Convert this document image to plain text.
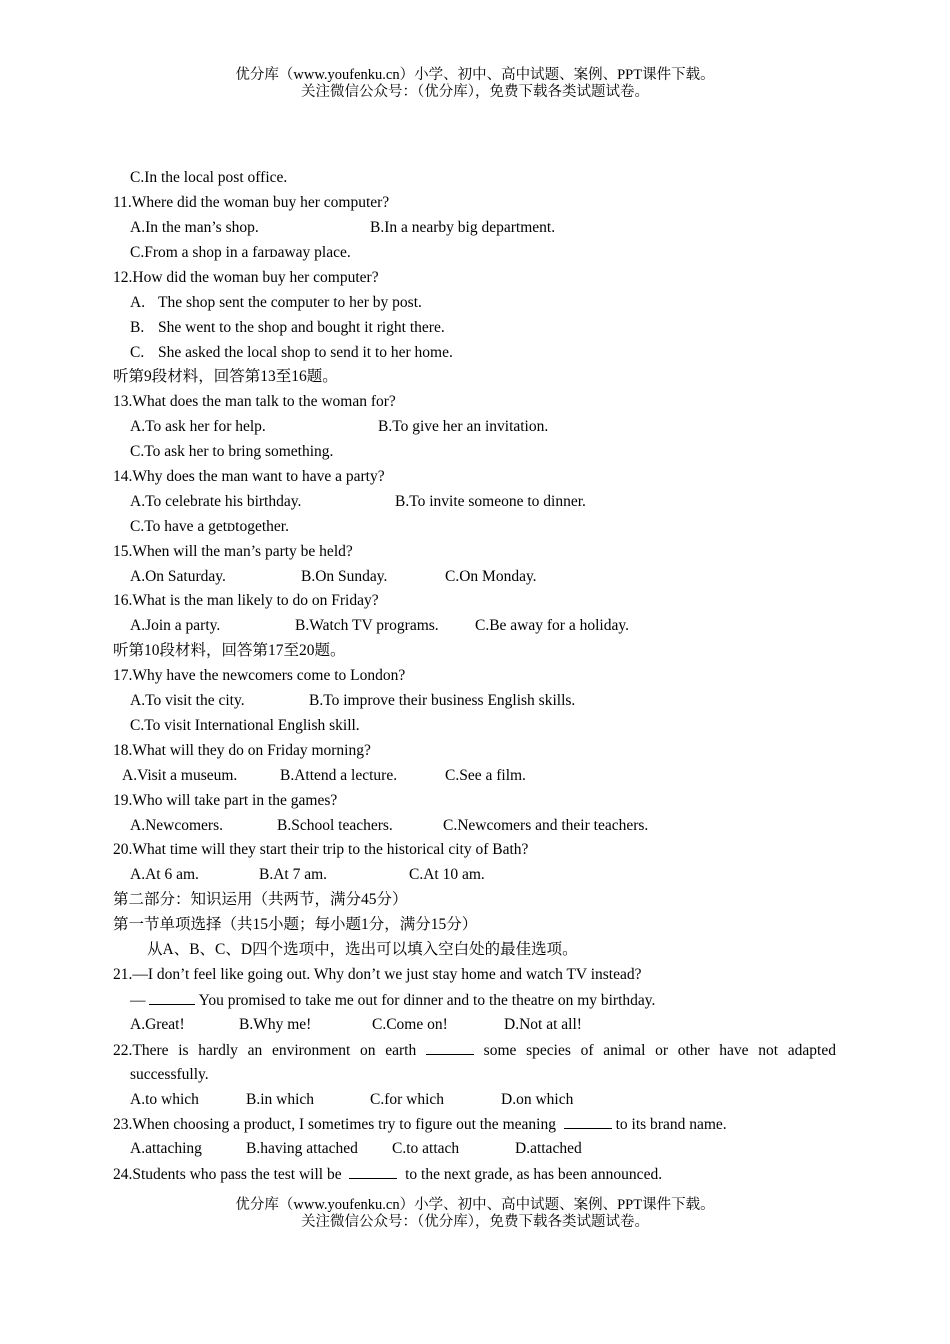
优分库（www.youfenku.cn）小学、初中、高中试题、案例、PPT课件下载。
关注微信公众号：（优分库），免费下载各类试题试卷。
C.In the local post office.
11.Where did the woman buy her computer?
A.In the man’s shop.	B.In a nearby big department.
C.From a shop in a farᴅaway place.
12.How did the woman buy her computer?
A. The shop sent the computer to her by post.
B. She went to the shop and bought it right there.
C. She asked the local shop to send it to her home.
听第9段材料，回答第13至16题。
13.What does the man talk to the woman for?
A.To ask her for help.	B.To give her an invitation.
C.To ask her to bring something.
14.Why does the man want to have a party?
A.To celebrate his birthday.	B.To invite someone to dinner.
C.To have a getᴅtogether.
15.When will the man’s party be held?
A.On Saturday.	B.On Sunday.	C.On Monday.
16.What is the man likely to do on Friday?
A.Join a party.	B.Watch TV programs. C.Be away for a holiday.
听第10段材料，回答第17至20题。
17.Why have the newcomers come to London?
A.To visit the city.	B.To improve their business English skills.
C.To visit International English skill.
18.What will they do on Friday morning?
A.Visit a museum.	B.Attend a lecture.	C.See a film.
19.Who will take part in the games?
A.Newcomers.	B.School teachers.	C.Newcomers and their teachers.
20.What time will they start their trip to the historical city of Bath?
A.At 6 am.	B.At 7 am.	C.At 10 am.
第二部分：知识运用（共两节，满分45分）
第一节单项选择（共15小题；每小题1分，满分15分）
从A、B、C、D四个选项中，选出可以填入空白处的最佳选项。
21.—I don’t feel like going out. Why don’t we just stay home and watch TV instead?
—	You promised to take me out for dinner and to the theatre on my birthday.
A.Great!	B.Why me!	C.Come on!	D.Not at all!
22.There is hardly an environment on earth	some species of animal or other have not adapted
successfully.
A.to which	B.in which	C.for which	D.on which
23.When choosing a product, I sometimes try to figure out the meaning	to its brand name.
A.attaching	B.having attached C.to attach	D.attached
24.Students who pass the test will be	to the next grade, as has been announced.
优分库（www.youfenku.cn）小学、初中、高中试题、案例、PPT课件下载。
关注微信公众号：（优分库），免费下载各类试题试卷。
